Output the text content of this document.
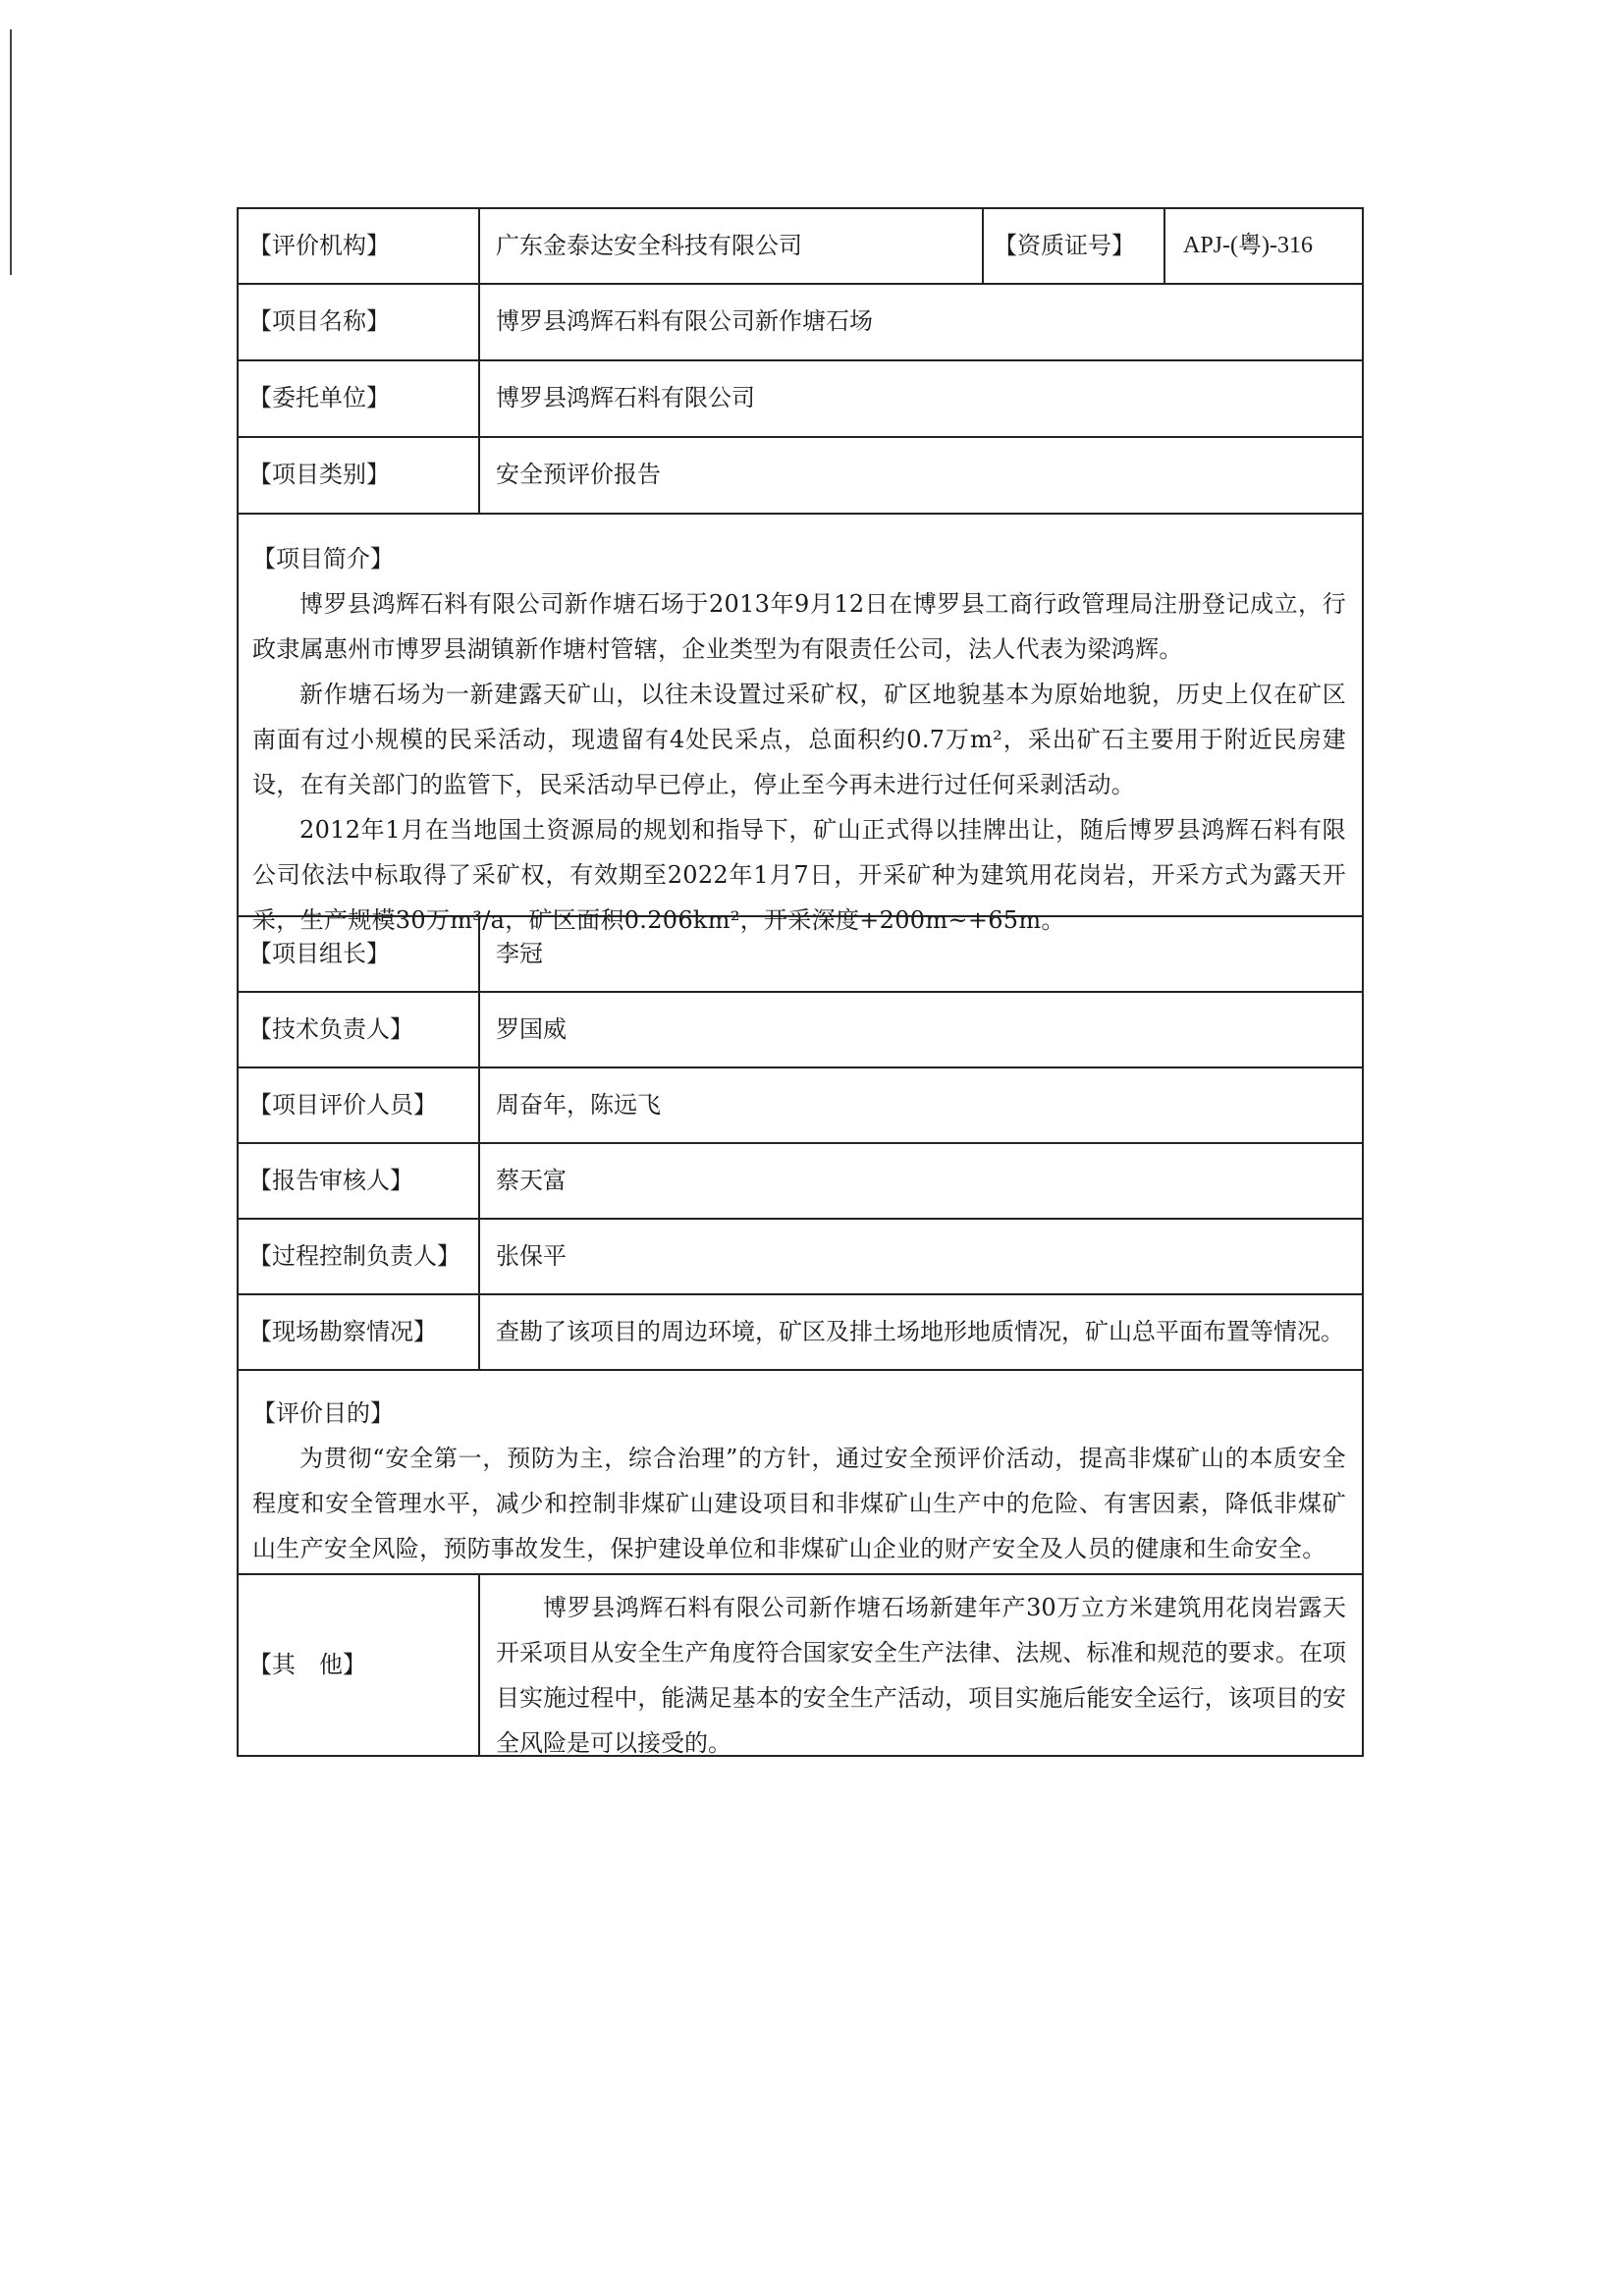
【评价机构】	广东金泰达安全科技有限公司	【资质证号】	APJ-(粤)-316
【项目名称】	博罗县鸿辉石料有限公司新作塘石场
【委托单位】	博罗县鸿辉石料有限公司
【项目类别】	安全预评价报告
【项目简介】

博罗县鸿辉石料有限公司新作塘石场于2013年9月12日在博罗县工商行政管理局注册登记成立，行政隶属惠州市博罗县湖镇新作塘村管辖，企业类型为有限责任公司，法人代表为梁鸿辉。

新作塘石场为一新建露天矿山，以往未设置过采矿权，矿区地貌基本为原始地貌，历史上仅在矿区南面有过小规模的民采活动，现遗留有4处民采点，总面积约0.7万m²，采出矿石主要用于附近民房建设，在有关部门的监管下，民采活动早已停止，停止至今再未进行过任何采剥活动。

2012年1月在当地国土资源局的规划和指导下，矿山正式得以挂牌出让，随后博罗县鸿辉石料有限公司依法中标取得了采矿权，有效期至2022年1月7日，开采矿种为建筑用花岗岩，开采方式为露天开采，生产规模30万m³/a，矿区面积0.206km²，开采深度+200m~+65m。

【项目组长】	李冠
【技术负责人】	罗国威
【项目评价人员】	周奋年，陈远飞
【报告审核人】	蔡天富
【过程控制负责人】	张保平
【现场勘察情况】	查勘了该项目的周边环境，矿区及排土场地形地质情况，矿山总平面布置等情况。
【评价目的】

为贯彻“安全第一，预防为主，综合治理”的方针，通过安全预评价活动，提高非煤矿山的本质安全程度和安全管理水平，减少和控制非煤矿山建设项目和非煤矿山生产中的危险、有害因素，降低非煤矿山生产安全风险，预防事故发生，保护建设单位和非煤矿山企业的财产安全及人员的健康和生命安全。

【其　他】
博罗县鸿辉石料有限公司新作塘石场新建年产30万立方米建筑用花岗岩露天开采项目从安全生产角度符合国家安全生产法律、法规、标准和规范的要求。在项目实施过程中，能满足基本的安全生产活动，项目实施后能安全运行，该项目的安全风险是可以接受的。
